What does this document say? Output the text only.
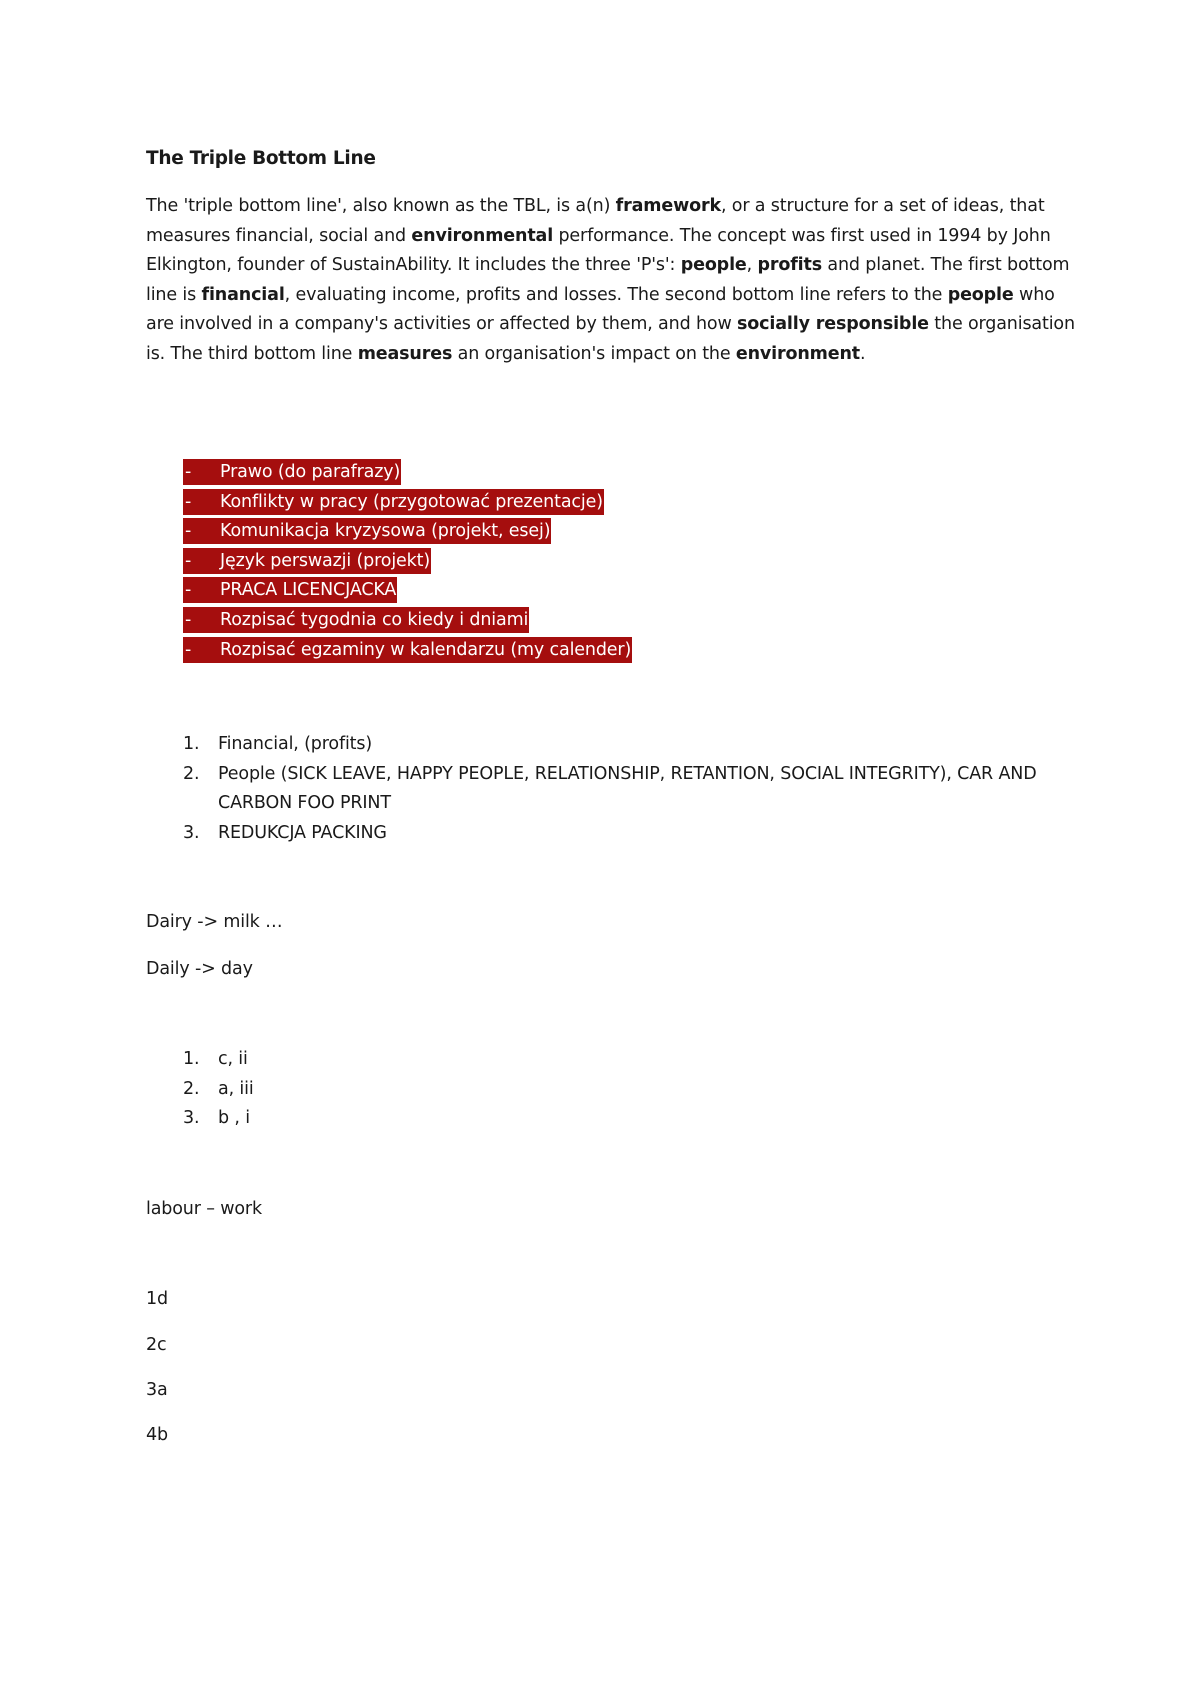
The Triple Bottom Line
The 'triple bottom line', also known as the TBL, is a(n) framework, or a structure for a set of ideas, that measures financial, social and environmental performance. The concept was first used in 1994 by John Elkington, founder of SustainAbility. It includes the three 'P's': people, profits and planet. The first bottom line is financial, evaluating income, profits and losses. The second bottom line refers to the people who are involved in a company's activities or affected by them, and how socially responsible the organisation is. The third bottom line measures an organisation's impact on the environment.
- Prawo (do parafrazy)
- Konflikty w pracy (przygotować prezentacje)
- Komunikacja kryzysowa (projekt, esej)
- Język perswazji (projekt)
- PRACA LICENCJACKA
- Rozpisać tygodnia co kiedy i dniami
- Rozpisać egzaminy w kalendarzu (my calender)
1. Financial, (profits)
2. People (SICK LEAVE, HAPPY PEOPLE, RELATIONSHIP, RETANTION, SOCIAL INTEGRITY), CAR AND CARBON FOO PRINT
3. REDUKCJA PACKING
Dairy -> milk …
Daily -> day
1. c, ii
2. a, iii
3. b , i
labour – work
1d
2c
3a
4b
